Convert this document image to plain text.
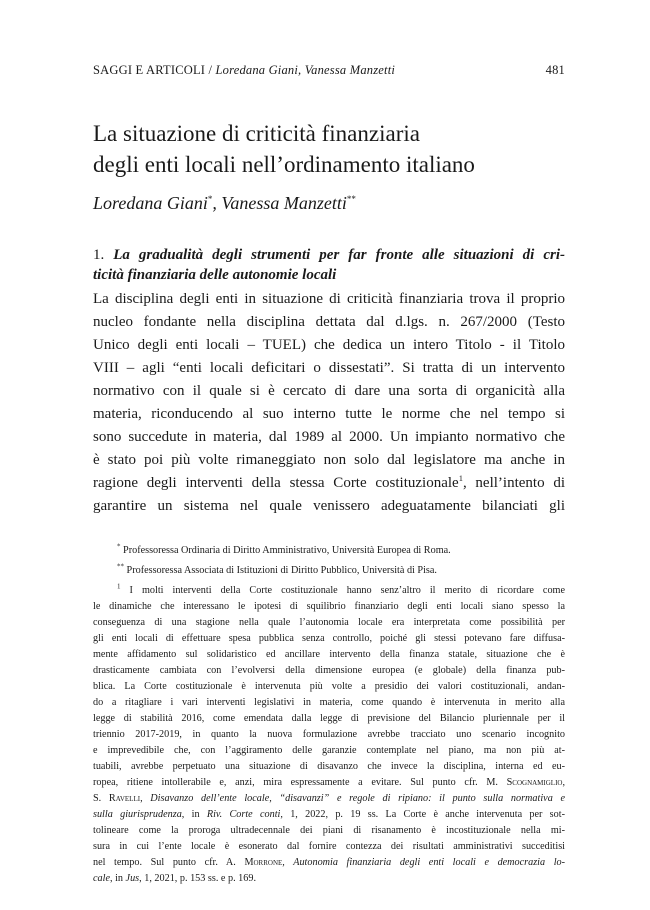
SAGGI E ARTICOLI / Loredana Giani, Vanessa Manzetti	481
La situazione di criticità finanziaria
degli enti locali nell’ordinamento italiano
Loredana Giani*, Vanessa Manzetti**
1. La gradualità degli strumenti per far fronte alle situazioni di cri-
ticità finanziaria delle autonomie locali
La disciplina degli enti in situazione di criticità finanziaria trova il proprio
nucleo fondante nella disciplina dettata dal d.lgs. n. 267/2000 (Testo
Unico degli enti locali – TUEL) che dedica un intero Titolo - il Titolo
VIII – agli “enti locali deficitari o dissestati”. Si tratta di un intervento
normativo con il quale si è cercato di dare una sorta di organicità alla
materia, riconducendo al suo interno tutte le norme che nel tempo si
sono succedute in materia, dal 1989 al 2000. Un impianto normativo che
è stato poi più volte rimaneggiato non solo dal legislatore ma anche in
ragione degli interventi della stessa Corte costituzionale$^1$, nell’intento di
garantire un sistema nel quale venissero adeguatamente bilanciati gli
* Professoressa Ordinaria di Diritto Amministrativo, Università Europea di Roma.
** Professoressa Associata di Istituzioni di Diritto Pubblico, Università di Pisa.
$^1$ I molti interventi della Corte costituzionale hanno senz’altro il merito di ricordare come
le dinamiche che interessano le ipotesi di squilibrio finanziario degli enti locali siano spesso la
conseguenza di una stagione nella quale l’autonomia locale era interpretata come possibilità per
gli enti locali di effettuare spesa pubblica senza controllo, poiché gli stessi potevano fare diffusa-
mente affidamento sul solidaristico ed ancillare intervento della finanza statale, situazione che è
drasticamente cambiata con l’evolversi della dimensione europea (e globale) della finanza pub-
blica. La Corte costituzionale è intervenuta più volte a presidio dei valori costituzionali, andan-
do a ritagliare i vari interventi legislativi in materia, come quando è intervenuta in merito alla
legge di stabilità 2016, come emendata dalla legge di previsione del Bilancio pluriennale per il
triennio 2017-2019, in quanto la nuova formulazione avrebbe tracciato uno scenario incognito
e imprevedibile che, con l’aggiramento delle garanzie contemplate nel piano, ma non più at-
tuabili, avrebbe perpetuato una situazione di disavanzo che invece la disciplina, interna ed eu-
ropea, ritiene intollerabile e, anzi, mira espressamente a evitare. Sul punto cfr. M. Scognamiglio,
S. Ravelli, Disavanzo dell’ente locale, “disavanzi” e regole di ripiano: il punto sulla normativa e
sulla giurisprudenza, in Riv. Corte conti, 1, 2022, p. 19 ss. La Corte è anche intervenuta per sot-
tolineare come la proroga ultradecennale dei piani di risanamento è incostituzionale nella mi-
sura in cui l’ente locale è esonerato dal fornire contezza dei risultati amministrativi succeditisi
nel tempo. Sul punto cfr. A. Morrone, Autonomia finanziaria degli enti locali e democrazia lo-
cale, in Jus, 1, 2021, p. 153 ss. e p. 169.
